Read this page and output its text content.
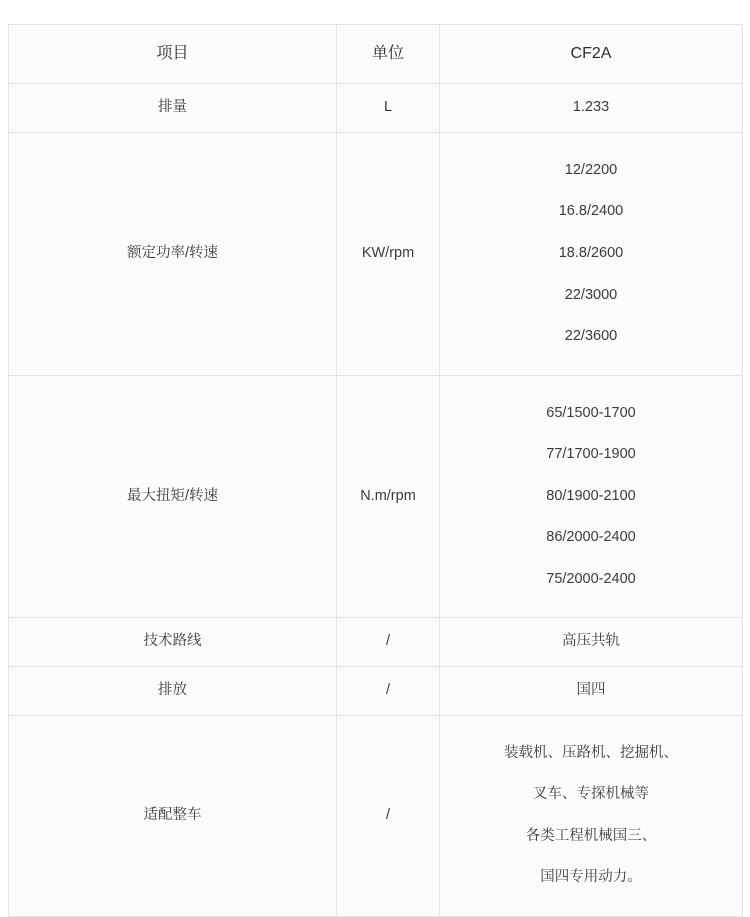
项目	单位	CF2A
排量	L	1.233
额定功率/转速	KW/rpm	12/2200
16.8/2400
18.8/2600
22/3000
22/3600

最大扭矩/转速	N.m/rpm	65/1500-1700
77/1700-1900
80/1900-2100
86/2000-2400
75/2000-2400

技术路线	/	高压共轨
排放	/	国四
适配整车	/	装载机、压路机、挖掘机、
叉车、专探机械等
各类工程机械国三、
国四专用动力。
